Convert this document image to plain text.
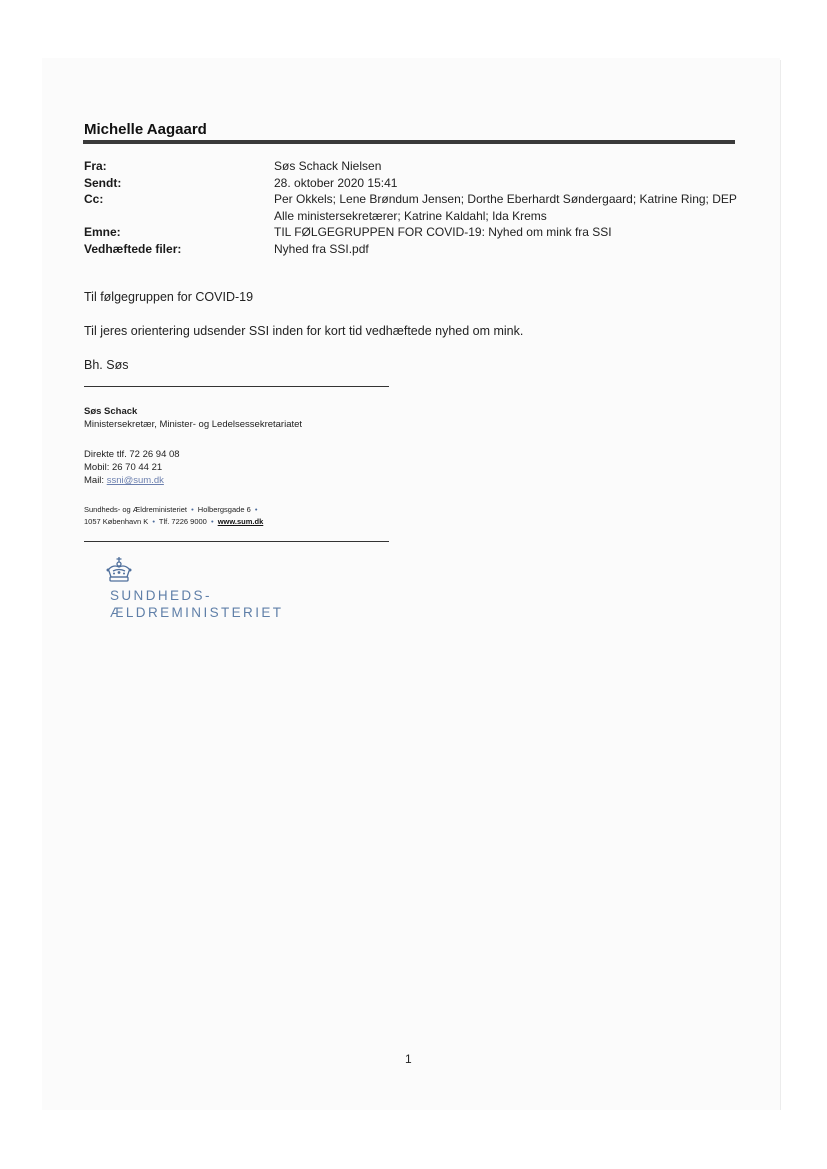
Michelle Aagaard
Fra:	Søs Schack Nielsen
Sendt:	28. oktober 2020 15:41
Cc:	Per Okkels; Lene Brøndum Jensen; Dorthe Eberhardt Søndergaard; Katrine Ring; DEP Alle ministersekretærer; Katrine Kaldahl; Ida Krems
Emne:	TIL FØLGEGRUPPEN FOR COVID-19: Nyhed om mink fra SSI
Vedhæftede filer:	Nyhed fra SSI.pdf
Til følgegruppen for COVID-19
Til jeres orientering udsender SSI inden for kort tid vedhæftede nyhed om mink.
Bh. Søs
Søs Schack
Ministersekretær, Minister- og Ledelsessekretariatet
Direkte tlf. 72 26 94 08
Mobil: 26 70 44 21
Mail: ssni@sum.dk
Sundheds- og Ældreministeriet • Holbergsgade 6 •
1057 København K • Tlf. 7226 9000 • www.sum.dk
SUNDHEDS-
ÆLDREMINISTERIET
1
